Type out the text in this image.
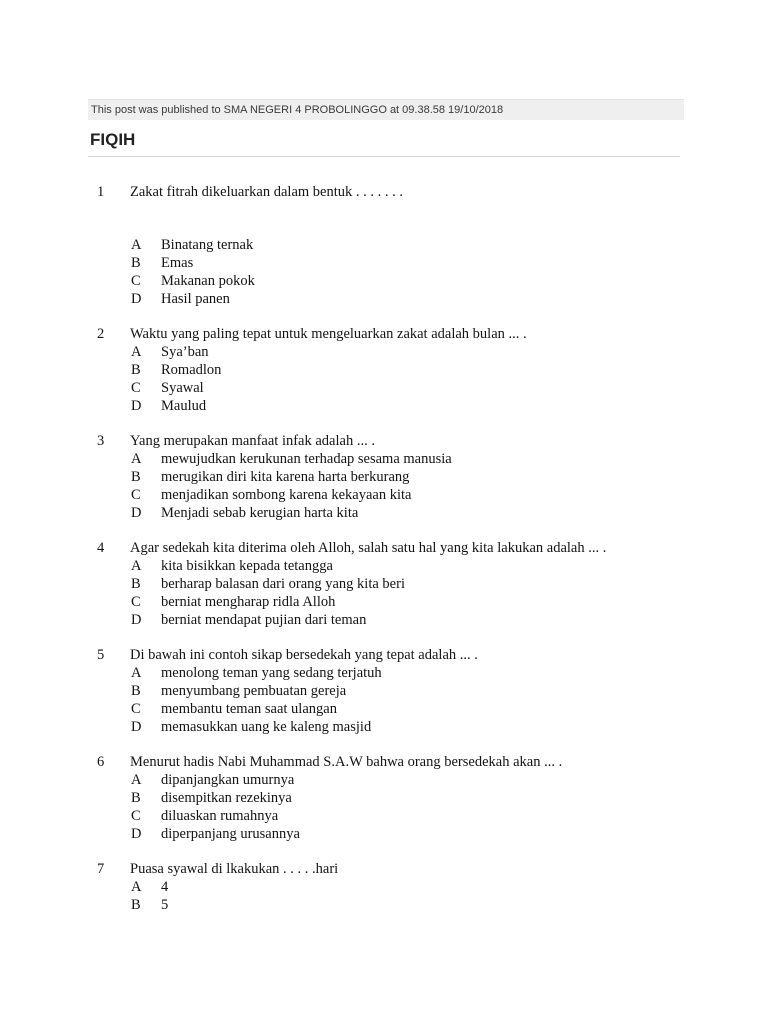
This post was published to SMA NEGERI 4 PROBOLINGGO at 09.38.58 19/10/2018
FIQIH
1 Zakat fitrah dikeluarkan dalam bentuk . . . . . . .
A Binatang ternak
B Emas
C Makanan pokok
D Hasil panen
2 Waktu yang paling tepat untuk mengeluarkan zakat adalah bulan ... .
A Sya’ban
B Romadlon
C Syawal
D Maulud
3 Yang merupakan manfaat infak adalah ... .
A mewujudkan kerukunan terhadap sesama manusia
B merugikan diri kita karena harta berkurang
C menjadikan sombong karena kekayaan kita
D Menjadi sebab kerugian harta kita
4 Agar sedekah kita diterima oleh Alloh, salah satu hal yang kita lakukan adalah ... .
A kita bisikkan kepada tetangga
B berharap balasan dari orang yang kita beri
C berniat mengharap ridla Alloh
D berniat mendapat pujian dari teman
5 Di bawah ini contoh sikap bersedekah yang tepat adalah ... .
A menolong teman yang sedang terjatuh
B menyumbang pembuatan gereja
C membantu teman saat ulangan
D memasukkan uang ke kaleng masjid
6 Menurut hadis Nabi Muhammad S.A.W bahwa orang bersedekah akan ... .
A dipanjangkan umurnya
B disempitkan rezekinya
C diluaskan rumahnya
D diperpanjang urusannya
7 Puasa syawal di lkakukan . . . . .hari
A 4
B 5
